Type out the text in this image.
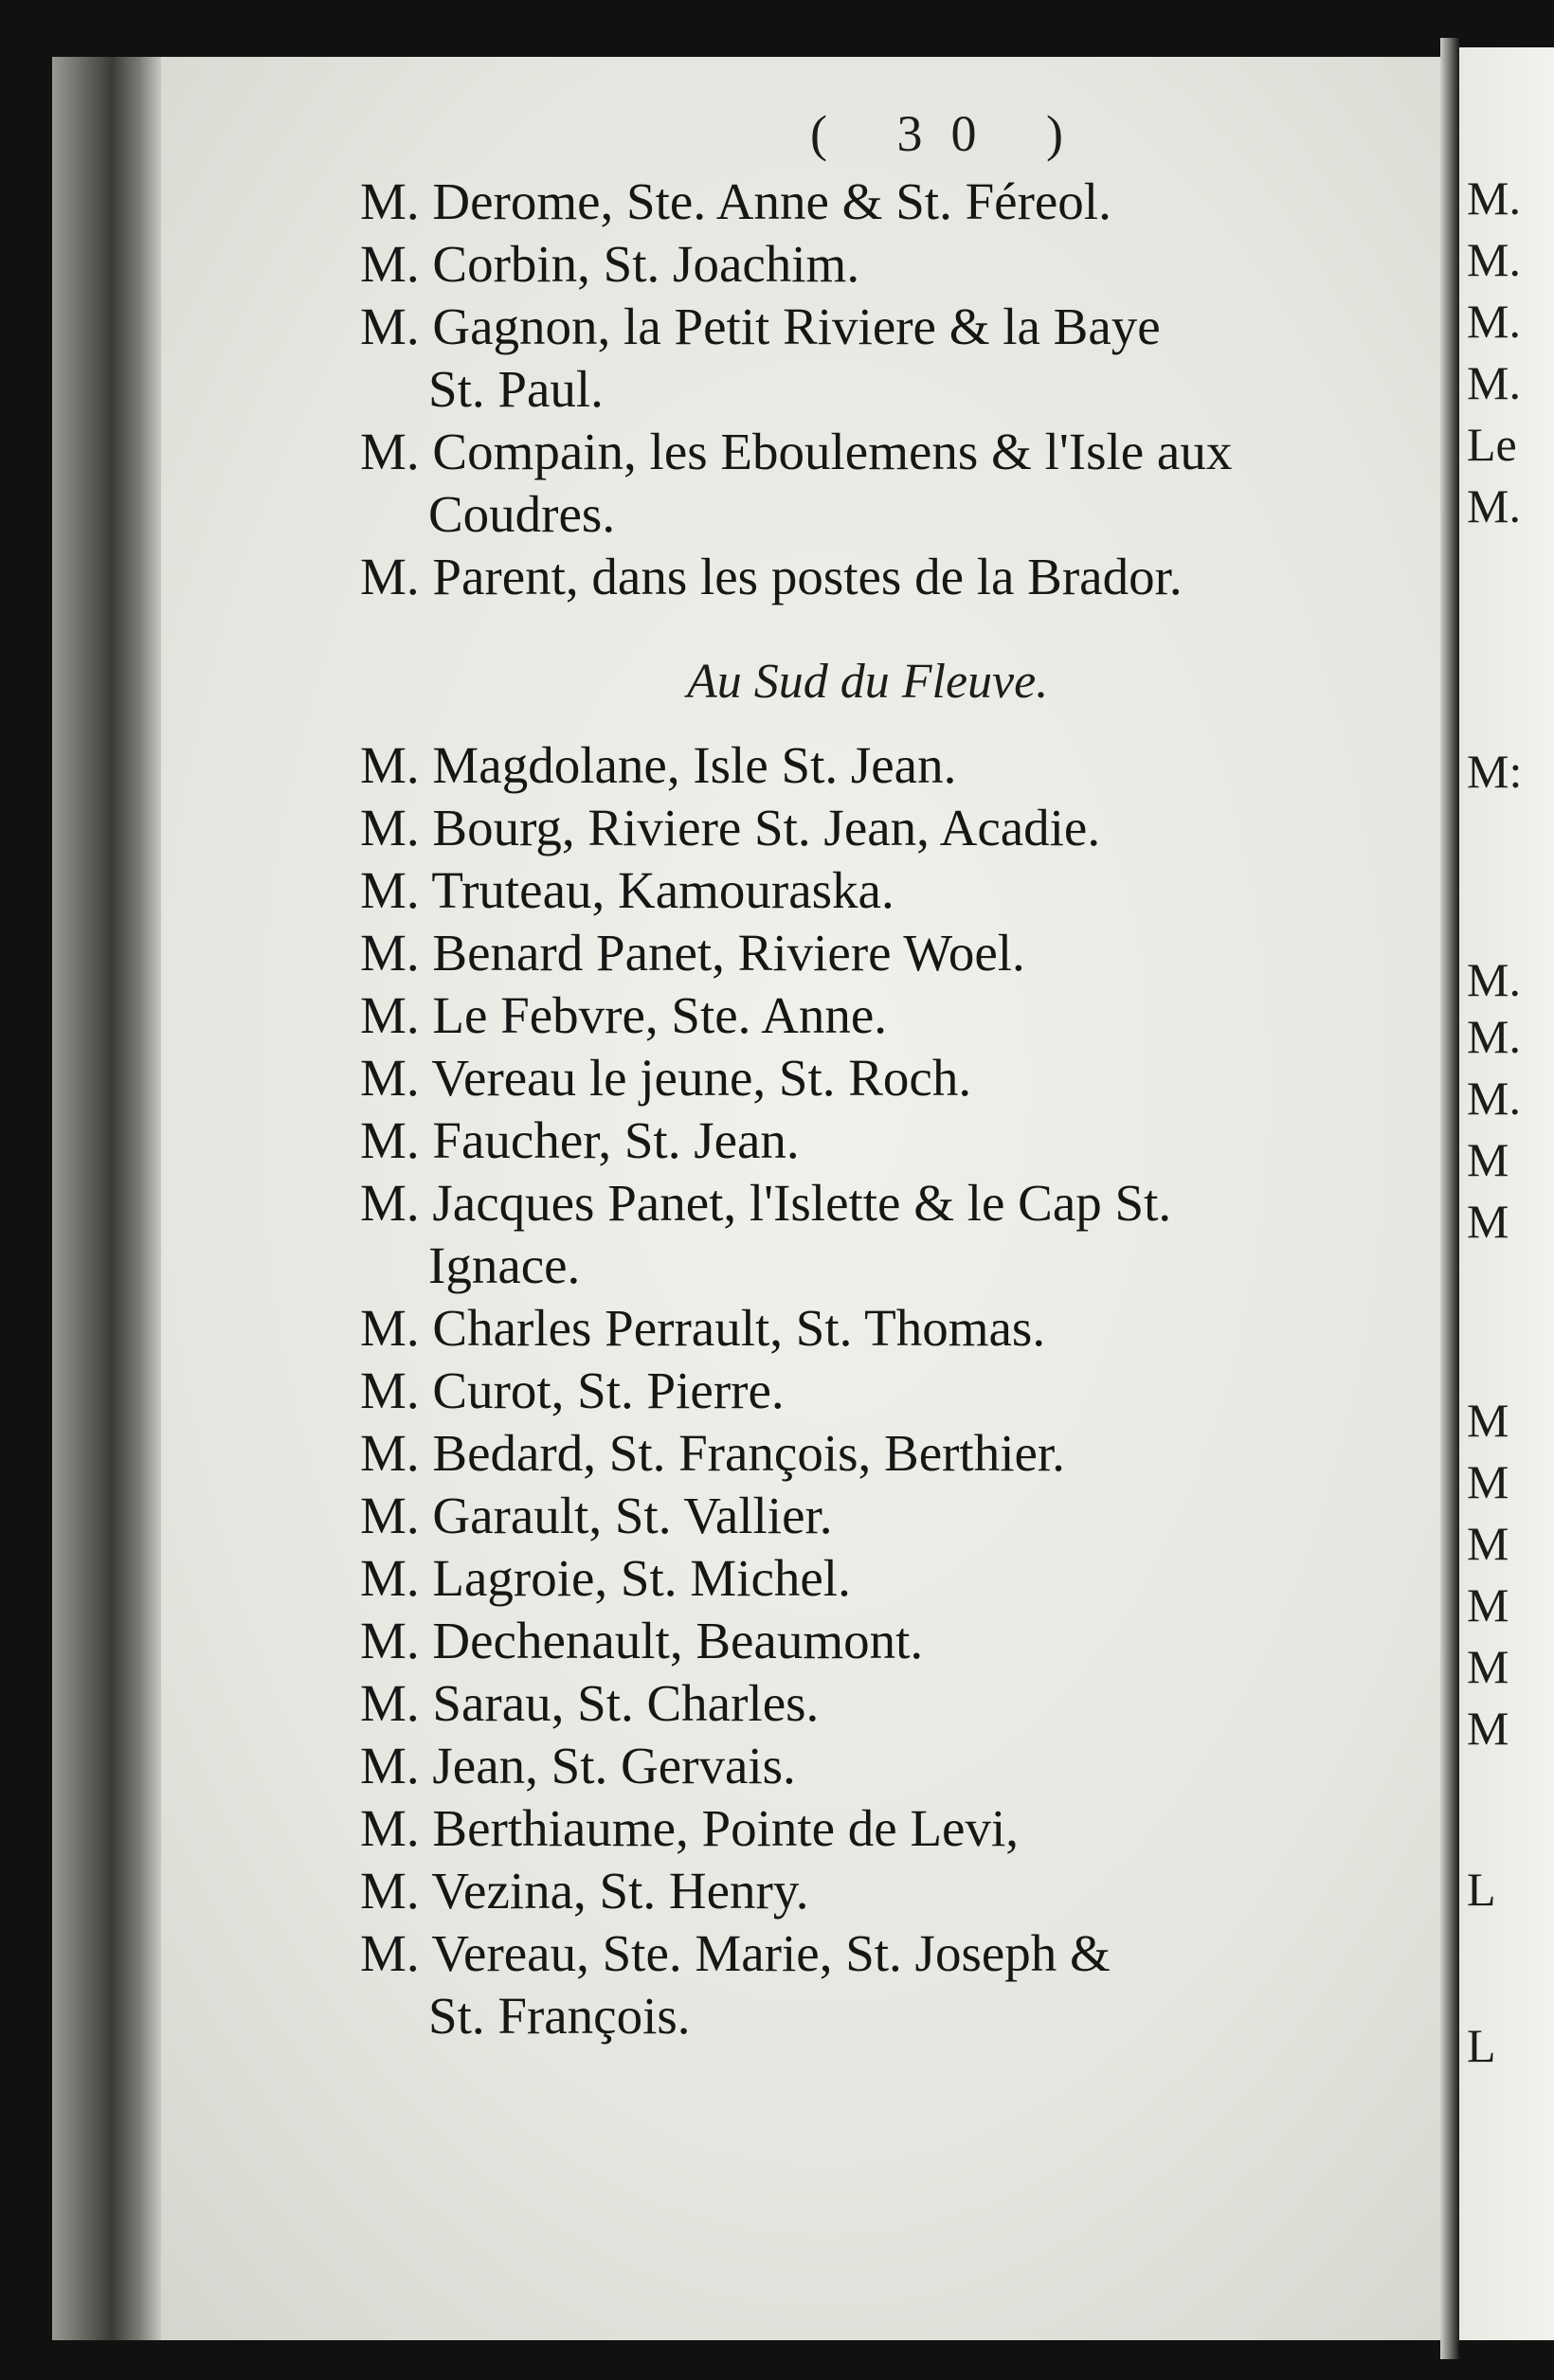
( 30 )
M. Derome, Ste. Anne & St. Féreol.
M. Corbin, St. Joachim.
M. Gagnon, la Petit Riviere & la Baye
St. Paul.
M. Compain, les Eboulemens & l'Isle aux
Coudres.
M. Parent, dans les postes de la Brador.
Au Sud du Fleuve.
M. Magdolane, Isle St. Jean.
M. Bourg, Riviere St. Jean, Acadie.
M. Truteau, Kamouraska.
M. Benard Panet, Riviere Woel.
M. Le Febvre, Ste. Anne.
M. Vereau le jeune, St. Roch.
M. Faucher, St. Jean.
M. Jacques Panet, l'Islette & le Cap St.
Ignace.
M. Charles Perrault, St. Thomas.
M. Curot, St. Pierre.
M. Bedard, St. François, Berthier.
M. Garault, St. Vallier.
M. Lagroie, St. Michel.
M. Dechenault, Beaumont.
M. Sarau, St. Charles.
M. Jean, St. Gervais.
M. Berthiaume, Pointe de Levi,
M. Vezina, St. Henry.
M. Vereau, Ste. Marie, St. Joseph &
St. François.
M.
M.
M.
M.
Le
M.
M:
M.
M.
M.
M
M
M
M
M
M
M
M
L
L
